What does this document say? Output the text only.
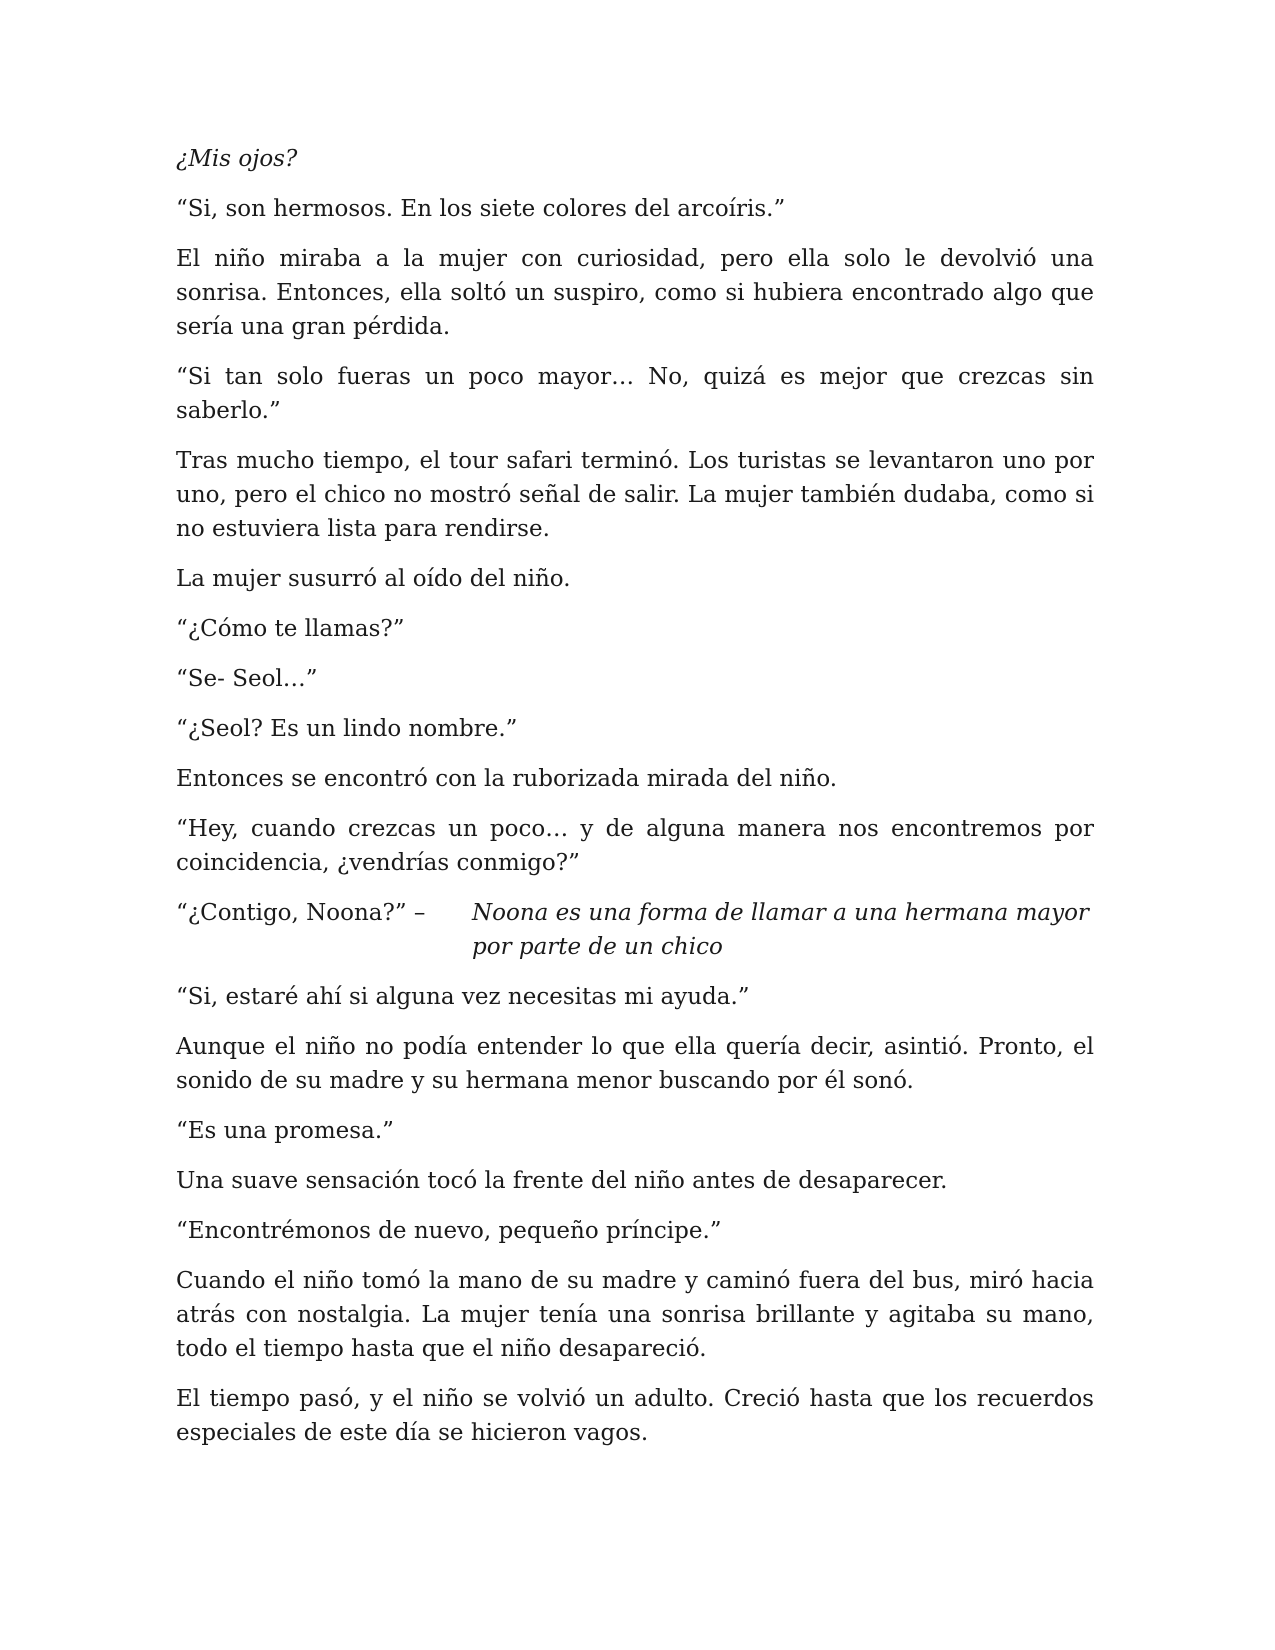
¿Mis ojos?

“Si, son hermosos. En los siete colores del arcoíris.”

El niño miraba a la mujer con curiosidad, pero ella solo le devolvió una sonrisa. Entonces, ella soltó un suspiro, como si hubiera encontrado algo que sería una gran pérdida.

“Si tan solo fueras un poco mayor… No, quizá es mejor que crezcas sin saberlo.”

Tras mucho tiempo, el tour safari terminó. Los turistas se levantaron uno por uno, pero el chico no mostró señal de salir. La mujer también dudaba, como si no estuviera lista para rendirse.

La mujer susurró al oído del niño.

“¿Cómo te llamas?”

“Se- Seol…”

“¿Seol? Es un lindo nombre.”

Entonces se encontró con la ruborizada mirada del niño.

“Hey, cuando crezcas un poco… y de alguna manera nos encontremos por coincidencia, ¿vendrías conmigo?”

“¿Contigo, Noona?” –	Noona es una forma de llamar a una hermana mayor por parte de un chico

“Si, estaré ahí si alguna vez necesitas mi ayuda.”

Aunque el niño no podía entender lo que ella quería decir, asintió. Pronto, el sonido de su madre y su hermana menor buscando por él sonó.

“Es una promesa.”

Una suave sensación tocó la frente del niño antes de desaparecer.

“Encontrémonos de nuevo, pequeño príncipe.”

Cuando el niño tomó la mano de su madre y caminó fuera del bus, miró hacia atrás con nostalgia. La mujer tenía una sonrisa brillante y agitaba su mano, todo el tiempo hasta que el niño desapareció.

El tiempo pasó, y el niño se volvió un adulto. Creció hasta que los recuerdos especiales de este día se hicieron vagos.
